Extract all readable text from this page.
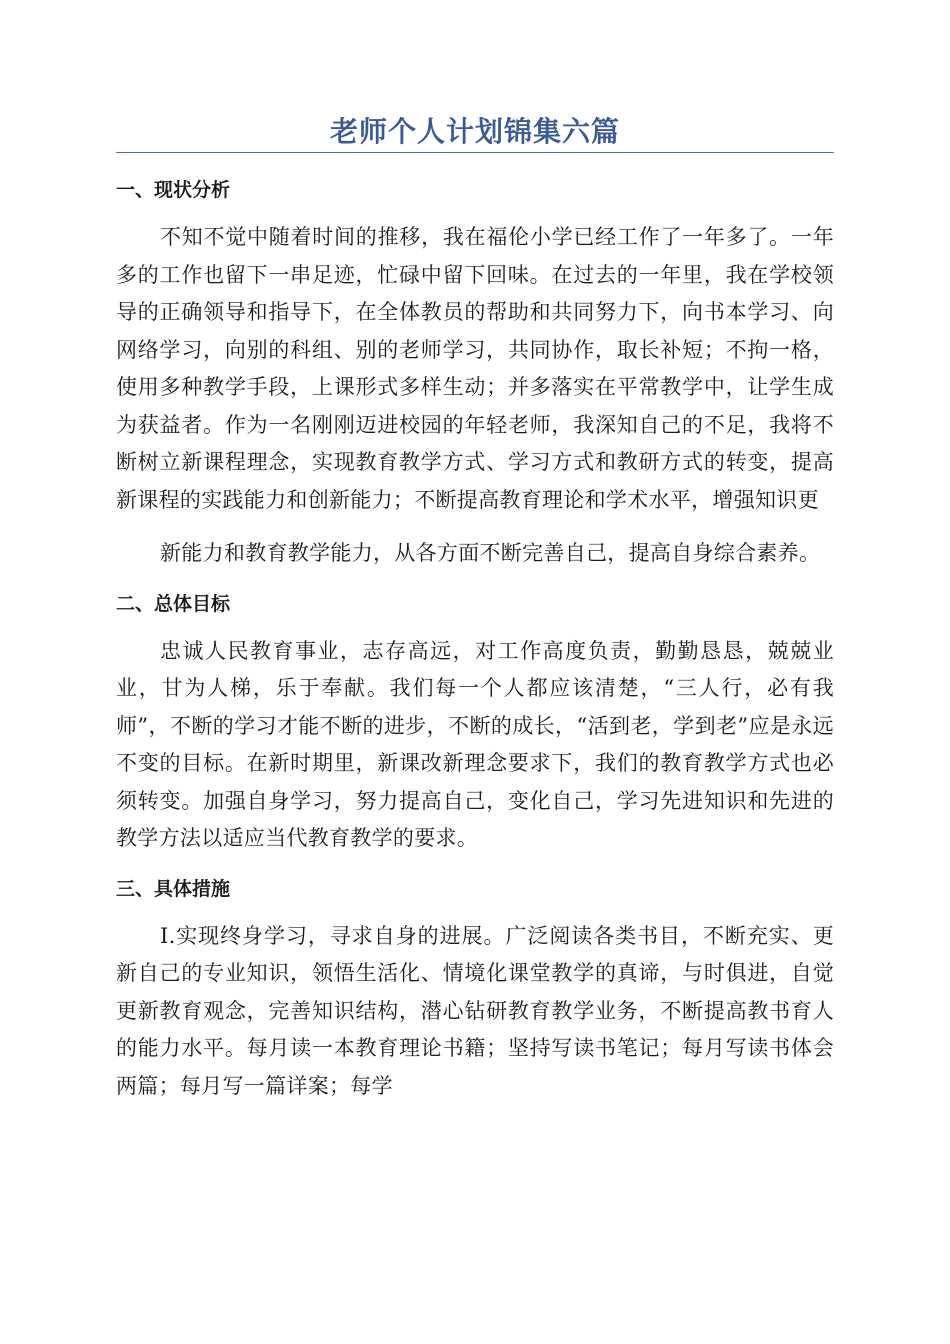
老师个人计划锦集六篇
一、现状分析

不知不觉中随着时间的推移，我在福伦小学已经工作了一年多了。一年多的工作也留下一串足迹，忙碌中留下回味。在过去的一年里，我在学校领导的正确领导和指导下，在全体教员的帮助和共同努力下，向书本学习、向网络学习，向别的科组、别的老师学习，共同协作，取长补短；不拘一格，使用多种教学手段，上课形式多样生动；并多落实在平常教学中，让学生成为获益者。作为一名刚刚迈进校园的年轻老师，我深知自己的不足，我将不断树立新课程理念，实现教育教学方式、学习方式和教研方式的转变，提高新课程的实践能力和创新能力；不断提高教育理论和学术水平，增强知识更

新能力和教育教学能力，从各方面不断完善自己，提高自身综合素养。

二、总体目标

忠诚人民教育事业，志存高远，对工作高度负责，勤勤恳恳，兢兢业业，甘为人梯，乐于奉献。我们每一个人都应该清楚，“三人行，必有我师”，不断的学习才能不断的进步，不断的成长，“活到老，学到老”应是永远不变的目标。在新时期里，新课改新理念要求下，我们的教育教学方式也必须转变。加强自身学习，努力提高自己，变化自己，学习先进知识和先进的教学方法以适应当代教育教学的要求。

三、具体措施

I.实现终身学习，寻求自身的进展。广泛阅读各类书目，不断充实、更新自己的专业知识，领悟生活化、情境化课堂教学的真谛，与时俱进，自觉更新教育观念，完善知识结构，潜心钻研教育教学业务，不断提高教书育人的能力水平。每月读一本教育理论书籍；坚持写读书笔记；每月写读书体会两篇；每月写一篇详案；每学
